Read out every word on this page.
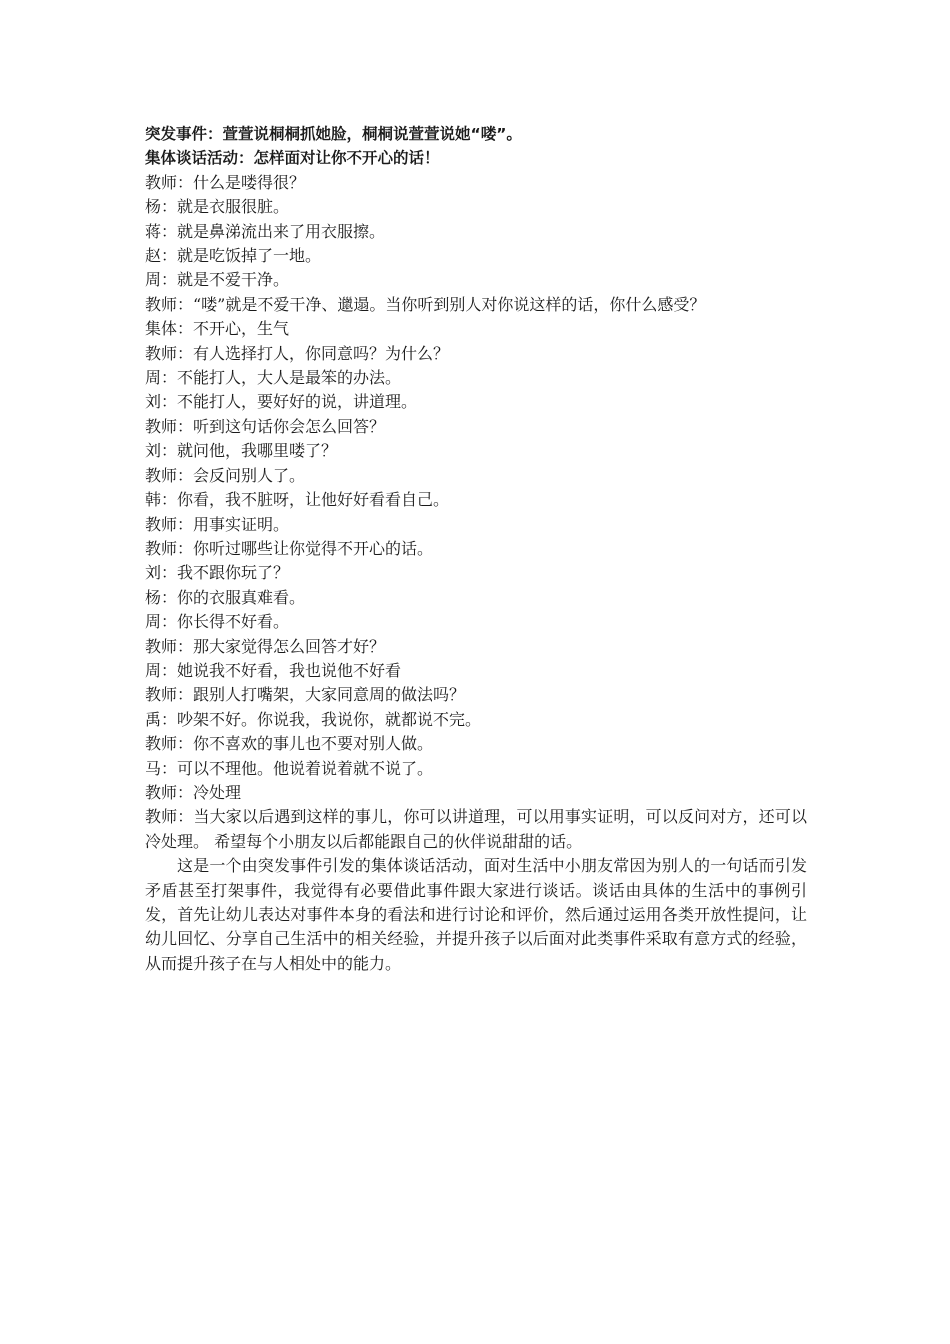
突发事件：萱萱说桐桐抓她脸，桐桐说萱萱说她“喽”。
集体谈话活动：怎样面对让你不开心的话！
教师：什么是喽得很？
杨：就是衣服很脏。
蒋：就是鼻涕流出来了用衣服擦。
赵：就是吃饭掉了一地。
周：就是不爱干净。
教师：“喽”就是不爱干净、邋遢。当你听到别人对你说这样的话，你什么感受？
集体：不开心，生气
教师：有人选择打人，你同意吗？为什么？
周：不能打人，大人是最笨的办法。
刘：不能打人，要好好的说，讲道理。
教师：听到这句话你会怎么回答？
刘：就问他，我哪里喽了？
教师：会反问别人了。
韩：你看，我不脏呀，让他好好看看自己。
教师：用事实证明。
教师：你听过哪些让你觉得不开心的话。
刘：我不跟你玩了？
杨：你的衣服真难看。
周：你长得不好看。
教师：那大家觉得怎么回答才好？
周：她说我不好看，我也说他不好看
教师：跟别人打嘴架，大家同意周的做法吗？
禹：吵架不好。你说我，我说你，就都说不完。
教师：你不喜欢的事儿也不要对别人做。
马：可以不理他。他说着说着就不说了。
教师：冷处理
教师：当大家以后遇到这样的事儿，你可以讲道理，可以用事实证明，可以反问对方，还可以冷处理。 希望每个小朋友以后都能跟自己的伙伴说甜甜的话。
这是一个由突发事件引发的集体谈话活动，面对生活中小朋友常因为别人的一句话而引发矛盾甚至打架事件，我觉得有必要借此事件跟大家进行谈话。谈话由具体的生活中的事例引发，首先让幼儿表达对事件本身的看法和进行讨论和评价，然后通过运用各类开放性提问，让幼儿回忆、分享自己生活中的相关经验，并提升孩子以后面对此类事件采取有意方式的经验，从而提升孩子在与人相处中的能力。
